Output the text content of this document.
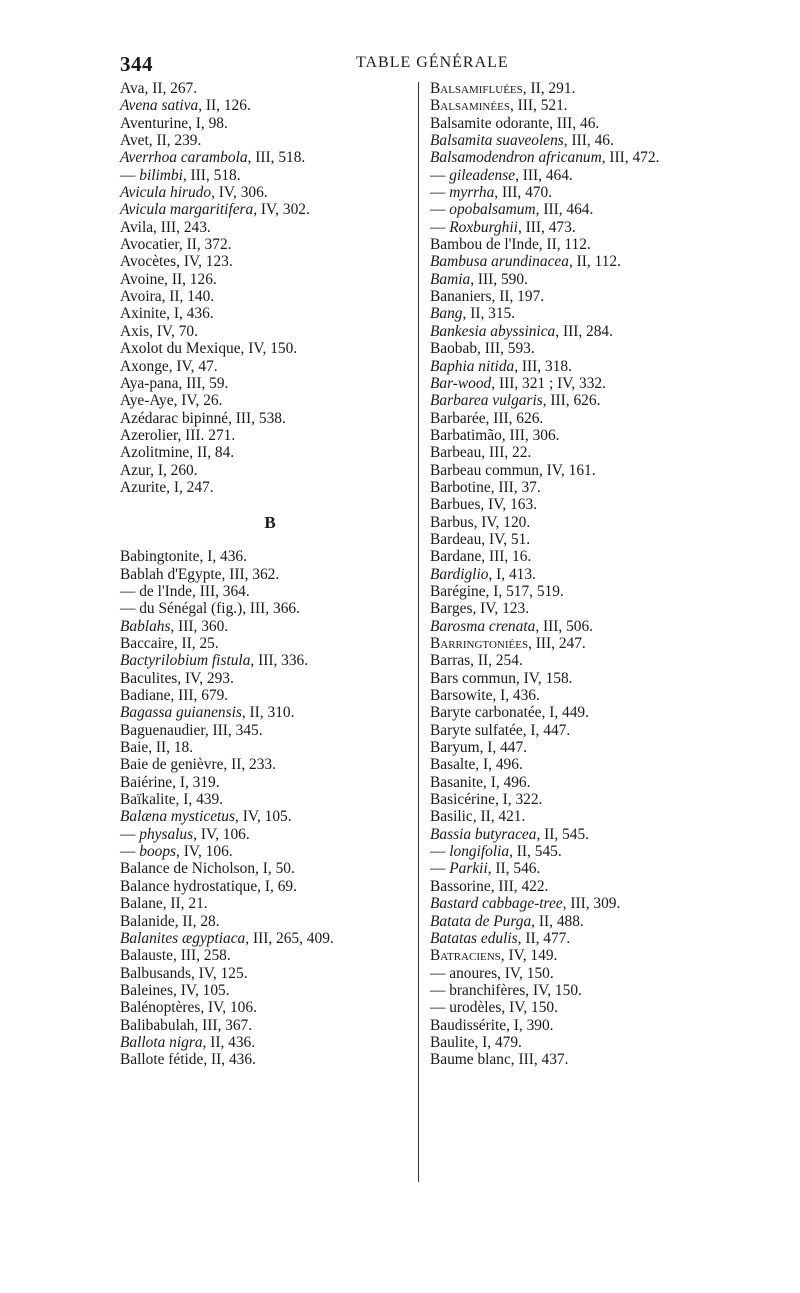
344	TABLE GÉNÉRALE
Ava, II, 267.
Avena sativa, II, 126.
Aventurine, I, 98.
Avet, II, 239.
Averrhoa carambola, III, 518.
— bilimbi, III, 518.
Avicula hirudo, IV, 306.
Avicula margaritifera, IV, 302.
Avila, III, 243.
Avocatier, II, 372.
Avocètes, IV, 123.
Avoine, II, 126.
Avoira, II, 140.
Axinite, I, 436.
Axis, IV, 70.
Axolot du Mexique, IV, 150.
Axonge, IV, 47.
Aya-pana, III, 59.
Aye-Aye, IV, 26.
Azédarac bipinné, III, 538.
Azerolier, III. 271.
Azolitmine, II, 84.
Azur, I, 260.
Azurite, I, 247.
B
Babingtonite, I, 436.
Bablah d'Egypte, III, 362.
— de l'Inde, III, 364.
— du Sénégal (fig.), III, 366.
Bablahs, III, 360.
Baccaire, II, 25.
Bactyrilobium fistula, III, 336.
Baculites, IV, 293.
Badiane, III, 679.
Bagassa guianensis, II, 310.
Baguenaudier, III, 345.
Baie, II, 18.
Baie de genièvre, II, 233.
Baiérine, I, 319.
Baïkalite, I, 439.
Balæna mysticetus, IV, 105.
— physalus, IV, 106.
— boops, IV, 106.
Balance de Nicholson, I, 50.
Balance hydrostatique, I, 69.
Balane, II, 21.
Balanide, II, 28.
Balanites ægyptiaca, III, 265, 409.
Balauste, III, 258.
Balbusands, IV, 125.
Baleines, IV, 105.
Balénoptères, IV, 106.
Balibabulah, III, 367.
Ballota nigra, II, 436.
Ballote fétide, II, 436.
Balsamifluées, II, 291.
Balsaminées, III, 521.
Balsamite odorante, III, 46.
Balsamita suaveolens, III, 46.
Balsamodendron africanum, III, 472.
— gileadense, III, 464.
— myrrha, III, 470.
— opobalsamum, III, 464.
— Roxburghii, III, 473.
Bambou de l'Inde, II, 112.
Bambusa arundinacea, II, 112.
Bamia, III, 590.
Bananiers, II, 197.
Bang, II, 315.
Bankesia abyssinica, III, 284.
Baobab, III, 593.
Baphia nitida, III, 318.
Bar-wood, III, 321 ; IV, 332.
Barbarea vulgaris, III, 626.
Barbarée, III, 626.
Barbatimão, III, 306.
Barbeau, III, 22.
Barbeau commun, IV, 161.
Barbotine, III, 37.
Barbues, IV, 163.
Barbus, IV, 120.
Bardeau, IV, 51.
Bardane, III, 16.
Bardiglio, I, 413.
Barégine, I, 517, 519.
Barges, IV, 123.
Barosma crenata, III, 506.
Barringtoniées, III, 247.
Barras, II, 254.
Bars commun, IV, 158.
Barsowite, I, 436.
Baryte carbonatée, I, 449.
Baryte sulfatée, I, 447.
Baryum, I, 447.
Basalte, I, 496.
Basanite, I, 496.
Basicérine, I, 322.
Basilic, II, 421.
Bassia butyracea, II, 545.
— longifolia, II, 545.
— Parkii, II, 546.
Bassorine, III, 422.
Bastard cabbage-tree, III, 309.
Batata de Purga, II, 488.
Batatas edulis, II, 477.
Batraciens, IV, 149.
— anoures, IV, 150.
— branchifères, IV, 150.
— urodèles, IV, 150.
Baudissérite, I, 390.
Baulite, I, 479.
Baume blanc, III, 437.
